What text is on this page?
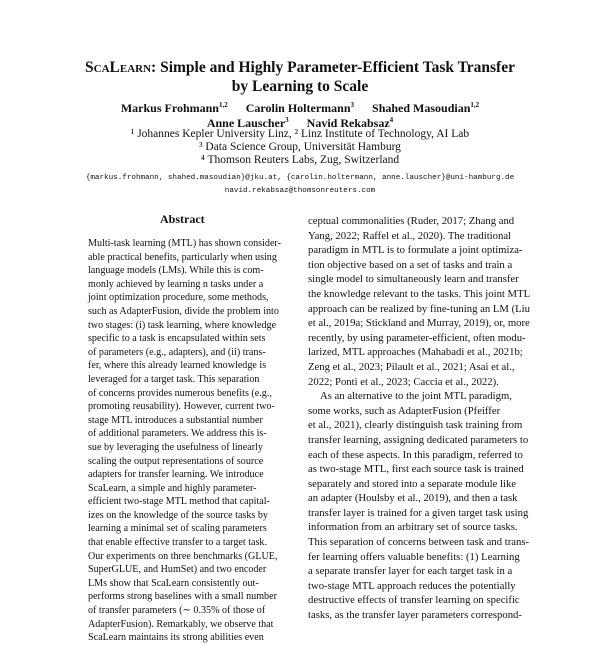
ScaLearn: Simple and Highly Parameter-Efficient Task Transfer
by Learning to Scale
Markus Frohmann$^{1,2}$ Carolin Holtermann$^3$ Shahed Masoudian$^{1,2}$
Anne Lauscher$^3$ Navid Rekabsaz$^4$
¹ Johannes Kepler University Linz, ² Linz Institute of Technology, AI Lab
³ Data Science Group, Universität Hamburg
⁴ Thomson Reuters Labs, Zug, Switzerland
{markus.frohmann, shahed.masoudian}@jku.at, {carolin.holtermann, anne.lauscher}@uni-hamburg.de
navid.rekabsaz@thomsonreuters.com
Abstract
Multi-task learning (MTL) has shown consider-
able practical benefits, particularly when using
language models (LMs). While this is com-
monly achieved by learning n tasks under a
joint optimization procedure, some methods,
such as AdapterFusion, divide the problem into
two stages: (i) task learning, where knowledge
specific to a task is encapsulated within sets
of parameters (e.g., adapters), and (ii) trans-
fer, where this already learned knowledge is
leveraged for a target task. This separation
of concerns provides numerous benefits (e.g.,
promoting reusability). However, current two-
stage MTL introduces a substantial number
of additional parameters. We address this is-
sue by leveraging the usefulness of linearly
scaling the output representations of source
adapters for transfer learning. We introduce
ScaLearn, a simple and highly parameter-
efficient two-stage MTL method that capital-
izes on the knowledge of the source tasks by
learning a minimal set of scaling parameters
that enable effective transfer to a target task.
Our experiments on three benchmarks (GLUE,
SuperGLUE, and HumSet) and two encoder
LMs show that ScaLearn consistently out-
performs strong baselines with a small number
of transfer parameters (∼ 0.35% of those of
AdapterFusion). Remarkably, we observe that
ScaLearn maintains its strong abilities even
ceptual commonalities (Ruder, 2017; Zhang and
Yang, 2022; Raffel et al., 2020). The traditional
paradigm in MTL is to formulate a joint optimiza-
tion objective based on a set of tasks and train a
single model to simultaneously learn and transfer
the knowledge relevant to the tasks. This joint MTL
approach can be realized by fine-tuning an LM (Liu
et al., 2019a; Stickland and Murray, 2019), or, more
recently, by using parameter-efficient, often modu-
larized, MTL approaches (Mahabadi et al., 2021b;
Zeng et al., 2023; Pilault et al., 2021; Asai et al.,
2022; Ponti et al., 2023; Caccia et al., 2022).
As an alternative to the joint MTL paradigm,
some works, such as AdapterFusion (Pfeiffer
et al., 2021), clearly distinguish task training from
transfer learning, assigning dedicated parameters to
each of these aspects. In this paradigm, referred to
as two-stage MTL, first each source task is trained
separately and stored into a separate module like
an adapter (Houlsby et al., 2019), and then a task
transfer layer is trained for a given target task using
information from an arbitrary set of source tasks.
This separation of concerns between task and trans-
fer learning offers valuable benefits: (1) Learning
a separate transfer layer for each target task in a
two-stage MTL approach reduces the potentially
destructive effects of transfer learning on specific
tasks, as the transfer layer parameters correspond-
